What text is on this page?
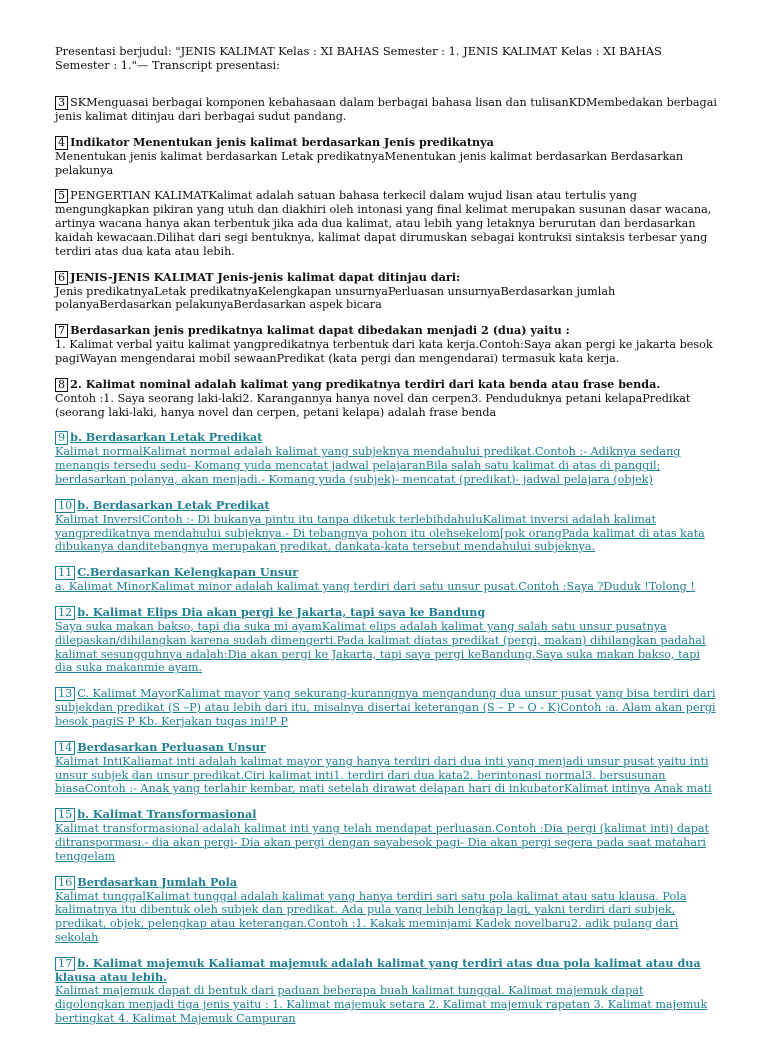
Presentasi berjudul: "JENIS KALIMAT Kelas : XI BAHAS Semester : 1. JENIS KALIMAT Kelas : XI BAHAS Semester : 1."— Transcript presentasi:

3 SKMenguasai berbagai komponen kebahasaan dalam berbagai bahasa lisan dan tulisanKDMembedakan berbagai jenis kalimat ditinjau dari berbagai sudut pandang.

4 Indikator Menentukan jenis kalimat berdasarkan Jenis predikatnya

Menentukan jenis kalimat berdasarkan Letak predikatnyaMenentukan jenis kalimat berdasarkan Berdasarkan pelakunya

5 PENGERTIAN KALIMATKalimat adalah satuan bahasa terkecil dalam wujud lisan atau tertulis yang mengungkapkan pikiran yang utuh dan diakhiri oleh intonasi yang final kelimat merupakan susunan dasar wacana, artinya wacana hanya akan terbentuk jika ada dua kalimat, atau lebih yang letaknya berurutan dan berdasarkan kaidah kewacaan.Dilihat dari segi bentuknya, kalimat dapat dirumuskan sebagai kontruksi sintaksis terbesar yang terdiri atas dua kata atau lebih.

6 JENIS-JENIS KALIMAT Jenis-jenis kalimat dapat ditinjau dari:

Jenis predikatnyaLetak predikatnyaKelengkapan unsurnyaPerluasan unsurnyaBerdasarkan jumlah polanyaBerdasarkan pelakunyaBerdasarkan aspek bicara

7 Berdasarkan jenis predikatnya kalimat dapat dibedakan menjadi 2 (dua) yaitu :

1. Kalimat verbal yaitu kalimat yangpredikatnya terbentuk dari kata kerja.Contoh:Saya akan pergi ke jakarta besok pagiWayan mengendarai mobil sewaanPredikat (kata pergi dan mengendarai) termasuk kata kerja.

8 2. Kalimat nominal adalah kalimat yang predikatnya terdiri dari kata benda atau frase benda.

Contoh :1. Saya seorang laki-laki2. Karangannya hanya novel dan cerpen3. Penduduknya petani kelapaPredikat (seorang laki-laki, hanya novel dan cerpen, petani kelapa) adalah frase benda

9 b. Berdasarkan Letak Predikat

Kalimat normalKalimat normal adalah kalimat yang subjeknya mendahului predikat.Contoh :- Adiknya sedang menangis tersedu sedu- Komang yuda mencatat jadwal pelajaranBila salah satu kalimat di atas di panggil; berdasarkan polanya, akan menjadi.- Komang yuda (subjek)- mencatat (predikat)- jadwal pelajara (objek)

10 b. Berdasarkan Letak Predikat

Kalimat InversiContoh :- Di bukanya pintu itu tanpa diketuk terlebihdahuluKalimat inversi adalah kalimat yangpredikatnya mendahului subjeknya.- Di tebangnya pohon itu olehsekelom[pok orangPada kalimat di atas kata dibukanya danditebangnya merupakan predikat, dankata-kata tersebut mendahului subjeknya.

11 C.Berdasarkan Kelengkapan Unsur

a. Kalimat MinorKalimat minor adalah kalimat yang terdiri dari satu unsur pusat.Contoh :Saya ?Duduk !Tolong !

12 b. Kalimat Elips Dia akan pergi ke Jakarta, tapi saya ke Bandung

Saya suka makan bakso, tapi dia suka mi ayamKalimat elips adalah kalimat yang salah satu unsur pusatnya dilepaskan/dihilangkan karena sudah dimengerti.Pada kalimat diatas predikat (pergi, makan) dihilangkan padahal kalimat sesungguhnya adalah:Dia akan pergi ke Jakarta, tapi saya pergi keBandung.Saya suka makan bakso, tapi dia suka makanmie ayam.

13 C. Kalimat MayorKalimat mayor yang sekurang-kuranngnya mengandung dua unsur pusat yang bisa terdiri dari subjekdan predikat (S –P) atau lebih dari itu, misalnya disertai keterangan (S – P – O - K)Contoh :a. Alam akan pergi besok pagiS P Kb. Kerjakan tugas ini!P P

14 Berdasarkan Perluasan Unsur

Kalimat IntiKaliamat inti adalah kalimat mayor yang hanya terdiri dari dua inti yang menjadi unsur pusat yaitu inti unsur subjek dan unsur predikat.Ciri kalimat inti1. terdiri dari dua kata2. berintonasi normal3. bersusunan biasaContoh :- Anak yang terlahir kembar, mati setelah dirawat delapan hari di inkubatorKalimat intinya Anak mati

15 b. Kalimat Transformasional

Kalimat transformasional adalah kalimat inti yang telah mendapat perluasan.Contoh :Dia pergi (kalimat inti) dapat ditransporması.- dia akan pergi- Dia akan pergi dengan sayabesok pagi- Dia akan pergi segera pada saat matahari tenggelam

16 Berdasarkan Jumlah Pola

Kalimat tunggalKalimat tunggal adalah kalimat yang hanya terdiri sari satu pola kalimat atau satu klausa. Pola kalimatnya itu dibentuk oleh subjek dan predikat. Ada pula yang lebih lengkap lagi, yakni terdiri dari subjek, predikat, objek, pelengkap atau keterangan.Contoh :1. Kakak meminjami Kadek novelbaru2. adik pulang dari sekolah

17 b. Kalimat majemuk Kaliamat majemuk adalah kalimat yang terdiri atas dua pola kalimat atau dua klausa atau lebih.

Kalimat majemuk dapat di bentuk dari paduan beberapa buah kalimat tunggal. Kalimat majemuk dapat digolongkan menjadi tiga jenis yaitu : 1. Kalimat majemuk setara 2. Kalimat majemuk rapatan 3. Kalimat majemuk bertingkat 4. Kalimat Majemuk Campuran
